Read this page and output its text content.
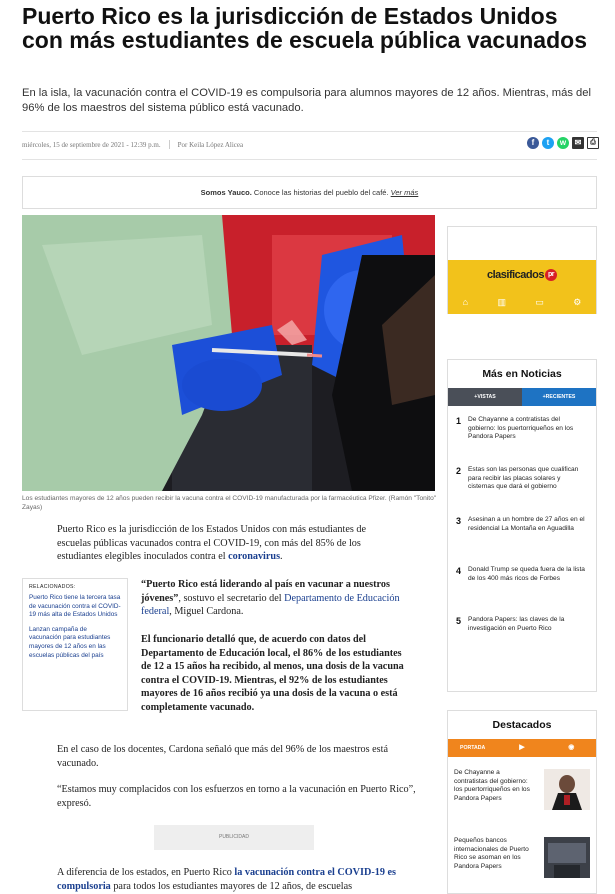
Puerto Rico es la jurisdicción de Estados Unidos con más estudiantes de escuela pública vacunados

En la isla, la vacunación contra el COVID-19 es compulsoria para alumnos mayores de 12 años. Mientras, más del 96% de los maestros del sistema público está vacunado.

miércoles, 15 de septiembre de 2021 - 12:39 p.m. Por Keila López Alicea	f	t	w	✉	⎙
Somos Yauco. Conoce las historias del pueblo del café. Ver más

Los estudiantes mayores de 12 años pueden recibir la vacuna contra el COVID-19 manufacturada por la farmacéutica Pfizer. (Ramón "Tonito" Zayas)

Puerto Rico es la jurisdicción de los Estados Unidos con más estudiantes de escuelas públicas vacunados contra el COVID-19, con más del 85% de los estudiantes elegibles inoculados contra el coronavirus.

RELACIONADOS:
Puerto Rico tiene la tercera tasa de vacunación contra el COVID-19 más alta de Estados Unidos
Lanzan campaña de vacunación para estudiantes mayores de 12 años en las escuelas públicas del país

“Puerto Rico está liderando al país en vacunar a nuestros jóvenes”, sostuvo el secretario del Departamento de Educación federal, Miguel Cardona.

El funcionario detalló que, de acuerdo con datos del Departamento de Educación local, el 86% de los estudiantes de 12 a 15 años ha recibido, al menos, una dosis de la vacuna contra el COVID-19. Mientras, el 92% de los estudiantes mayores de 16 años recibió ya una dosis de la vacuna o está completamente vacunado.

En el caso de los docentes, Cardona señaló que más del 96% de los maestros está vacunado.

“Estamos muy complacidos con los esfuerzos en torno a la vacunación en Puerto Rico”, expresó.

PUBLICIDAD

A diferencia de los estados, en Puerto Rico la vacunación contra el COVID-19 es compulsoria para todos los estudiantes mayores de 12 años, de escuelas

clasificados pr
⌂	▥	▭	⚙
Más en Noticias
+VISTAS	+RECIENTES
1 De Chayanne a contratistas del gobierno: los puertorriqueños en los Pandora Papers
2 Estas son las personas que cualifican para recibir las placas solares y cisternas que dará el gobierno
3 Asesinan a un hombre de 27 años en el residencial La Montaña en Aguadilla
4 Donald Trump se queda fuera de la lista de los 400 más ricos de Forbes
5 Pandora Papers: las claves de la investigación en Puerto Rico
Destacados
PORTADA	▶	◉
De Chayanne a contratistas del gobierno: los puertorriqueños en los Pandora Papers
Pequeños bancos internacionales de Puerto Rico se asoman en los Pandora Papers
